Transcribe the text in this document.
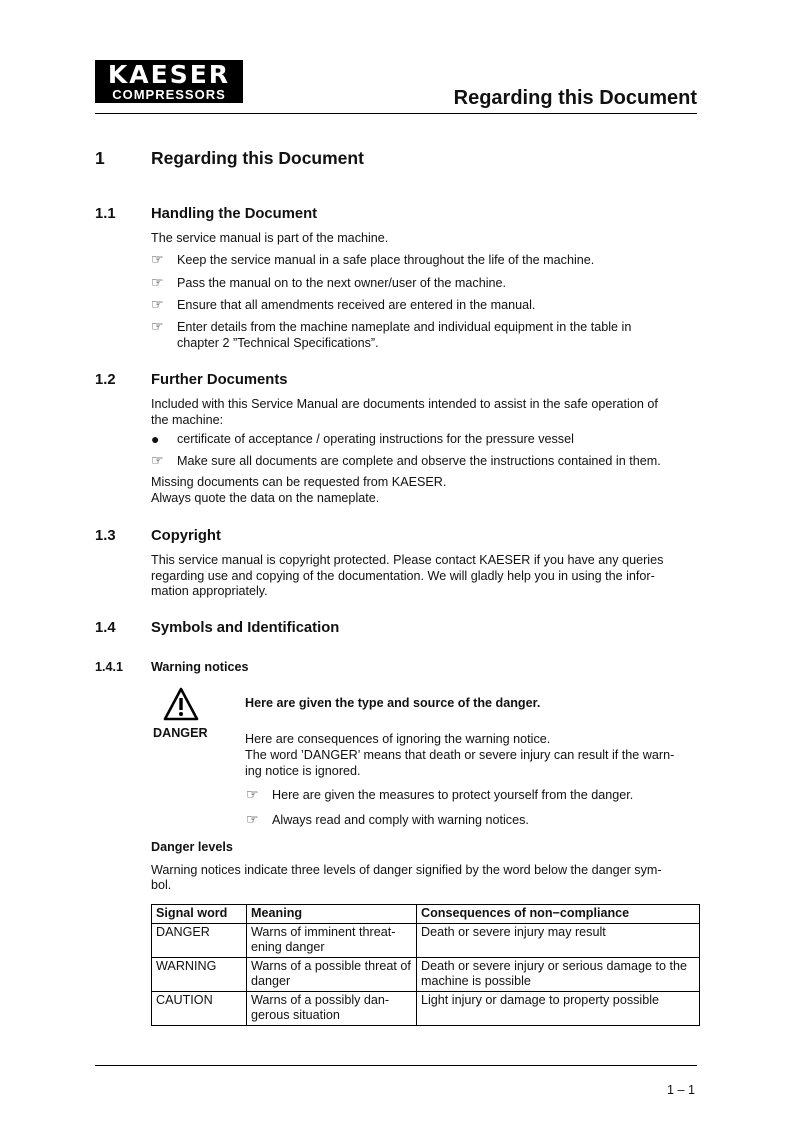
KAESER
COMPRESSORS	Regarding this Document
1	Regarding this Document
1.1 Handling the Document
The service manual is part of the machine.
☞ Keep the service manual in a safe place throughout the life of the machine.
☞ Pass the manual on to the next owner/user of the machine.
☞ Ensure that all amendments received are entered in the manual.
☞ Enter details from the machine nameplate and individual equipment in the table in
chapter 2 ”Technical Specifications”.
1.2 Further Documents
Included with this Service Manual are documents intended to assist in the safe operation of
the machine:
● certificate of acceptance / operating instructions for the pressure vessel
☞ Make sure all documents are complete and observe the instructions contained in them.
Missing documents can be requested from KAESER.
Always quote the data on the nameplate.
1.3 Copyright
This service manual is copyright protected. Please contact KAESER if you have any queries
regarding use and copying of the documentation. We will gladly help you in using the infor-
mation appropriately.
1.4 Symbols and Identification
1.4.1 Warning notices
DANGER
Here are given the type and source of the danger.
Here are consequences of ignoring the warning notice.
The word ’DANGER’ means that death or severe injury can result if the warn-
ing notice is ignored.
☞ Here are given the measures to protect yourself from the danger.
☞ Always read and comply with warning notices.
Danger levels
Warning notices indicate three levels of danger signified by the word below the danger sym-
bol.
Signal word	Meaning	Consequences of non−compliance
DANGER	Warns of imminent threat-ening danger	Death or severe injury may result
WARNING	Warns of a possible threat of danger	Death or severe injury or serious damage to the machine is possible
CAUTION	Warns of a possibly dan-gerous situation	Light injury or damage to property possible
1 – 1
